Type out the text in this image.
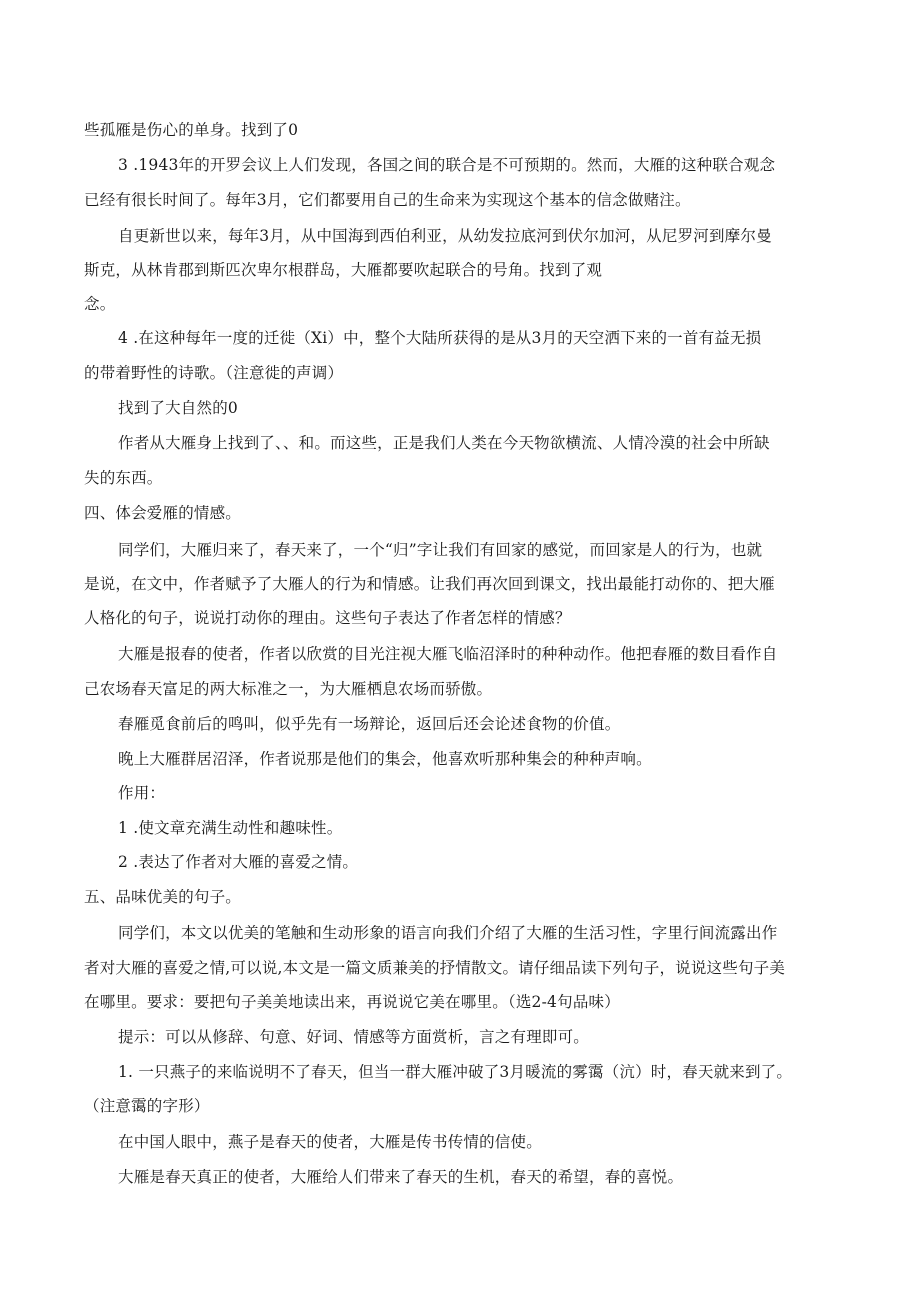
些孤雁是伤心的单身。找到了0
3 .1943年的开罗会议上人们发现，各国之间的联合是不可预期的。然而，大雁的这种联合观念
已经有很长时间了。每年3月，它们都要用自己的生命来为实现这个基本的信念做赌注。
自更新世以来，每年3月，从中国海到西伯利亚，从幼发拉底河到伏尔加河，从尼罗河到摩尔曼
斯克，从林肯郡到斯匹次卑尔根群岛，大雁都要吹起联合的号角。找到了观
念。
4 .在这种每年一度的迁徙（Xi）中，整个大陆所获得的是从3月的天空洒下来的一首有益无损
的带着野性的诗歌。（注意徙的声调）
找到了大自然的0
作者从大雁身上找到了、、和。而这些，正是我们人类在今天物欲横流、人情冷漠的社会中所缺
失的东西。
四、体会爱雁的情感。
同学们，大雁归来了，春天来了，一个“归”字让我们有回家的感觉，而回家是人的行为，也就
是说，在文中，作者赋予了大雁人的行为和情感。让我们再次回到课文，找出最能打动你的、把大雁
人格化的句子，说说打动你的理由。这些句子表达了作者怎样的情感？
大雁是报春的使者，作者以欣赏的目光注视大雁飞临沼泽时的种种动作。他把春雁的数目看作自
己农场春天富足的两大标准之一，为大雁栖息农场而骄傲。
春雁觅食前后的鸣叫，似乎先有一场辩论，返回后还会论述食物的价值。
晚上大雁群居沼泽，作者说那是他们的集会，他喜欢听那种集会的种种声响。
作用：
1 .使文章充满生动性和趣味性。
2 .表达了作者对大雁的喜爱之情。
五、品味优美的句子。
同学们，本文以优美的笔触和生动形象的语言向我们介绍了大雁的生活习性，字里行间流露出作
者对大雁的喜爱之情,可以说,本文是一篇文质兼美的抒情散文。请仔细品读下列句子，说说这些句子美
在哪里。要求：要把句子美美地读出来，再说说它美在哪里。（选2-4句品味）
提示：可以从修辞、句意、好词、情感等方面赏析，言之有理即可。
1. 一只燕子的来临说明不了春天，但当一群大雁冲破了3月暖流的雾霭（沆）时，春天就来到了。
（注意霭的字形）
在中国人眼中，燕子是春天的使者，大雁是传书传情的信使。
大雁是春天真正的使者，大雁给人们带来了春天的生机，春天的希望，春的喜悦。
